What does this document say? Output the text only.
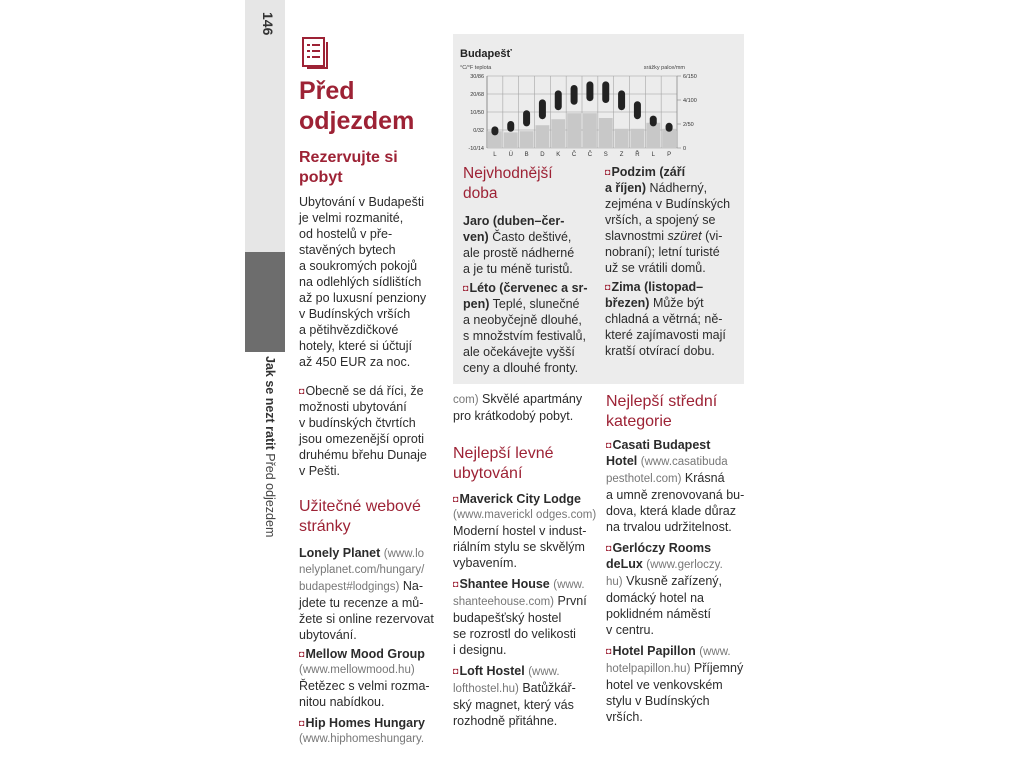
146
Jak se nezt ratit Před odjezdem
Před
odjezdem
Rezervujte si
pobyt

Ubytování v Budapešti

je velmi rozmanité,

od hostelů v pře-

stavěných bytech

a soukromých pokojů

na odlehlých sídlištích

až po luxusní penziony

v Budínských vrších

a pětihvězdičkové

hotely, které si účtují

až 450 EUR za noc.

◘Obecně se dá říci, že

možnosti ubytování

v budínských čtvrtích

jsou omezenější oproti

druhému břehu Dunaje

v Pešti.

Užitečné webové
stránky

Lonely Planet (www.lo

nelyplanet.com/hungary/

budapest#lodgings) Na-

jdete tu recenze a mů-

žete si online rezervovat

ubytování.

◘Mellow Mood Group

(www.mellowmood.hu)

Řetězec s velmi rozma-

nitou nabídkou.

◘Hip Homes Hungary

(www.hiphomeshungary.

Budapešť
°C/°F teplota	srážky palce/mm
30/86
20/68
10/50
0/32
-10/14
6/150
4/100
2/50
0
L Ú B D K Č Č S Z Ř L P
Nejvhodnější
doba

Jaro (duben–čer-

ven) Často deštivé,

ale prostě nádherné

a je tu méně turistů.

◘Léto (červenec a sr-

pen) Teplé, slunečné

a neobyčejně dlouhé,

s množstvím festivalů,

ale očekávejte vyšší

ceny a dlouhé fronty.

◘Podzim (září

a říjen) Nádherný,

zejména v Budínských

vrších, a spojený se

slavnostmi szüret (vi-

nobraní); letní turisté

už se vrátili domů.

◘Zima (listopad–

březen) Může být

chladná a větrná; ně-

které zajímavosti mají

kratší otvírací dobu.

com) Skvělé apartmány

pro krátkodobý pobyt.

Nejlepší levné
ubytování

◘Maverick City Lodge

(www.maverickl odges.com)

Moderní hostel v indust-

riálním stylu se skvělým

vybavením.

◘Shantee House (www.

shanteehouse.com) První

budapešťský hostel

se rozrostl do velikosti

i designu.

◘Loft Hostel (www.

lofthostel.hu) Batůžkář-

ský magnet, který vás

rozhodně přitáhne.

Nejlepší střední
kategorie

◘Casati Budapest

Hotel (www.casatibuda

pesthotel.com) Krásná

a umně zrenovovaná bu-

dova, která klade důraz

na trvalou udržitelnost.

◘Gerlóczy Rooms

deLux (www.gerloczy.

hu) Vkusně zařízený,

domácký hotel na

poklidném náměstí

v centru.

◘Hotel Papillon (www.

hotelpapillon.hu) Příjemný

hotel ve venkovském

stylu v Budínských

vrších.
